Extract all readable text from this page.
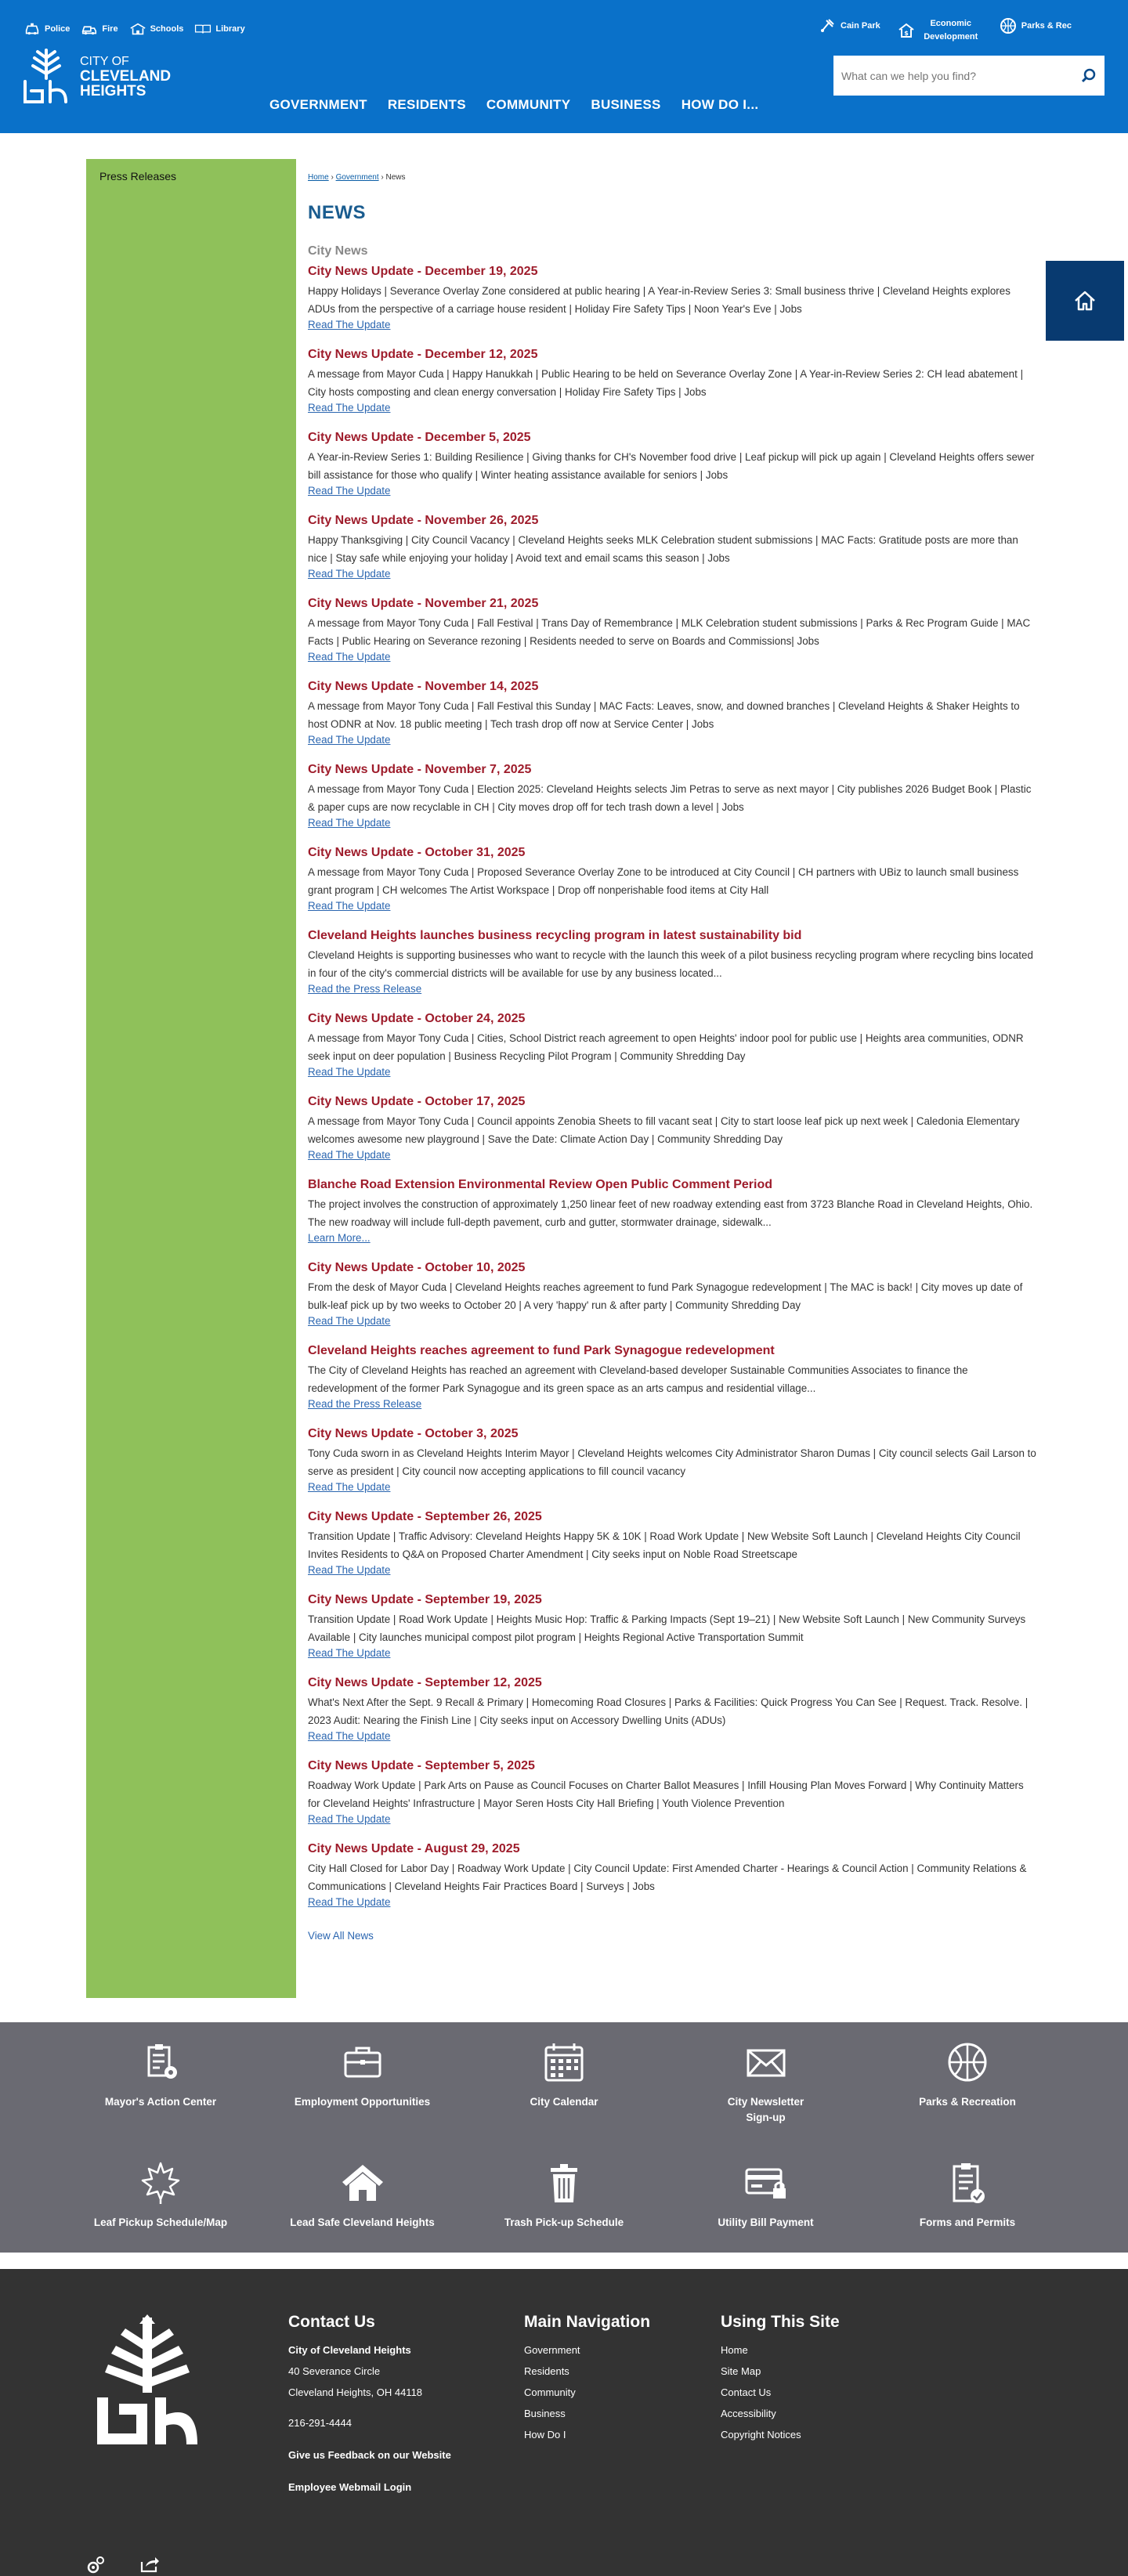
Police	Fire	Schools	Library	Cain Park
$
Economic Development
Parks & Rec
CITY OF
CLEVELAND
HEIGHTS
What can we help you find?
GOVERNMENT RESIDENTS COMMUNITY BUSINESS HOW DO I...
Press Releases	Home › Government › News
NEWS
City News
City News Update - December 19, 2025

Happy Holidays | Severance Overlay Zone considered at public hearing | A Year-in-Review Series 3: Small business thrive | Cleveland Heights explores ADUs from the perspective of a carriage house resident | Holiday Fire Safety Tips | Noon Year's Eve | Jobs

Read The Update
City News Update - December 12, 2025

A message from Mayor Cuda | Happy Hanukkah | Public Hearing to be held on Severance Overlay Zone | A Year-in-Review Series 2: CH lead abatement | City hosts composting and clean energy conversation | Holiday Fire Safety Tips | Jobs

Read The Update
City News Update - December 5, 2025

A Year-in-Review Series 1: Building Resilience | Giving thanks for CH's November food drive | Leaf pickup will pick up again | Cleveland Heights offers sewer bill assistance for those who qualify | Winter heating assistance available for seniors | Jobs

Read The Update
City News Update - November 26, 2025

Happy Thanksgiving | City Council Vacancy | Cleveland Heights seeks MLK Celebration student submissions | MAC Facts: Gratitude posts are more than nice | Stay safe while enjoying your holiday | Avoid text and email scams this season | Jobs

Read The Update
City News Update - November 21, 2025

A message from Mayor Tony Cuda | Fall Festival | Trans Day of Remembrance | MLK Celebration student submissions | Parks & Rec Program Guide | MAC Facts | Public Hearing on Severance rezoning | Residents needed to serve on Boards and Commissions| Jobs

Read The Update
City News Update - November 14, 2025

A message from Mayor Tony Cuda | Fall Festival this Sunday | MAC Facts: Leaves, snow, and downed branches | Cleveland Heights & Shaker Heights to host ODNR at Nov. 18 public meeting | Tech trash drop off now at Service Center | Jobs

Read The Update
City News Update - November 7, 2025

A message from Mayor Tony Cuda | Election 2025: Cleveland Heights selects Jim Petras to serve as next mayor | City publishes 2026 Budget Book | Plastic & paper cups are now recyclable in CH | City moves drop off for tech trash down a level | Jobs

Read The Update
City News Update - October 31, 2025

A message from Mayor Tony Cuda | Proposed Severance Overlay Zone to be introduced at City Council | CH partners with UBiz to launch small business grant program | CH welcomes The Artist Workspace | Drop off nonperishable food items at City Hall

Read The Update
Cleveland Heights launches business recycling program in latest sustainability bid

Cleveland Heights is supporting businesses who want to recycle with the launch this week of a pilot business recycling program where recycling bins located in four of the city's commercial districts will be available for use by any business located...

Read the Press Release
City News Update - October 24, 2025

A message from Mayor Tony Cuda | Cities, School District reach agreement to open Heights' indoor pool for public use | Heights area communities, ODNR seek input on deer population | Business Recycling Pilot Program | Community Shredding Day

Read The Update
City News Update - October 17, 2025

A message from Mayor Tony Cuda | Council appoints Zenobia Sheets to fill vacant seat | City to start loose leaf pick up next week | Caledonia Elementary welcomes awesome new playground | Save the Date: Climate Action Day | Community Shredding Day

Read The Update
Blanche Road Extension Environmental Review Open Public Comment Period

The project involves the construction of approximately 1,250 linear feet of new roadway extending east from 3723 Blanche Road in Cleveland Heights, Ohio. The new roadway will include full-depth pavement, curb and gutter, stormwater drainage, sidewalk...

Learn More...
City News Update - October 10, 2025

From the desk of Mayor Cuda | Cleveland Heights reaches agreement to fund Park Synagogue redevelopment | The MAC is back! | City moves up date of bulk-leaf pick up by two weeks to October 20 | A very 'happy' run & after party | Community Shredding Day

Read The Update
Cleveland Heights reaches agreement to fund Park Synagogue redevelopment

The City of Cleveland Heights has reached an agreement with Cleveland-based developer Sustainable Communities Associates to finance the redevelopment of the former Park Synagogue and its green space as an arts campus and residential village...

Read the Press Release
City News Update - October 3, 2025

Tony Cuda sworn in as Cleveland Heights Interim Mayor | Cleveland Heights welcomes City Administrator Sharon Dumas | City council selects Gail Larson to serve as president | City council now accepting applications to fill council vacancy

Read The Update
City News Update - September 26, 2025

Transition Update | Traffic Advisory: Cleveland Heights Happy 5K & 10K | Road Work Update | New Website Soft Launch | Cleveland Heights City Council Invites Residents to Q&A on Proposed Charter Amendment | City seeks input on Noble Road Streetscape

Read The Update
City News Update - September 19, 2025

Transition Update | Road Work Update | Heights Music Hop: Traffic & Parking Impacts (Sept 19–21) | New Website Soft Launch | New Community Surveys Available | City launches municipal compost pilot program | Heights Regional Active Transportation Summit

Read The Update
City News Update - September 12, 2025

What's Next After the Sept. 9 Recall & Primary | Homecoming Road Closures | Parks & Facilities: Quick Progress You Can See | Request. Track. Resolve. | 2023 Audit: Nearing the Finish Line | City seeks input on Accessory Dwelling Units (ADUs)

Read The Update
City News Update - September 5, 2025

Roadway Work Update | Park Arts on Pause as Council Focuses on Charter Ballot Measures | Infill Housing Plan Moves Forward | Why Continuity Matters for Cleveland Heights' Infrastructure | Mayor Seren Hosts City Hall Briefing | Youth Violence Prevention

Read The Update
City News Update - August 29, 2025

City Hall Closed for Labor Day | Roadway Work Update | City Council Update: First Amended Charter - Hearings & Council Action | Community Relations & Communications | Cleveland Heights Fair Practices Board | Surveys | Jobs

Read The Update
View All News
Mayor's Action Center	Employment Opportunities	City Calendar	City Newsletter Sign-up
Parks & Recreation
Leaf Pickup Schedule/Map	Lead Safe Cleveland Heights	Trash Pick-up Schedule	Utility Bill Payment	Forms and Permits
Contact Us
City of Cleveland Heights
40 Severance Circle
Cleveland Heights, OH 44118
216-291-4444
Give us Feedback on our Website
Employee Webmail Login
Main Navigation
Government
Residents
Community
Business
How Do I
Using This Site
Home
Site Map
Contact Us
Accessibility
Copyright Notices
